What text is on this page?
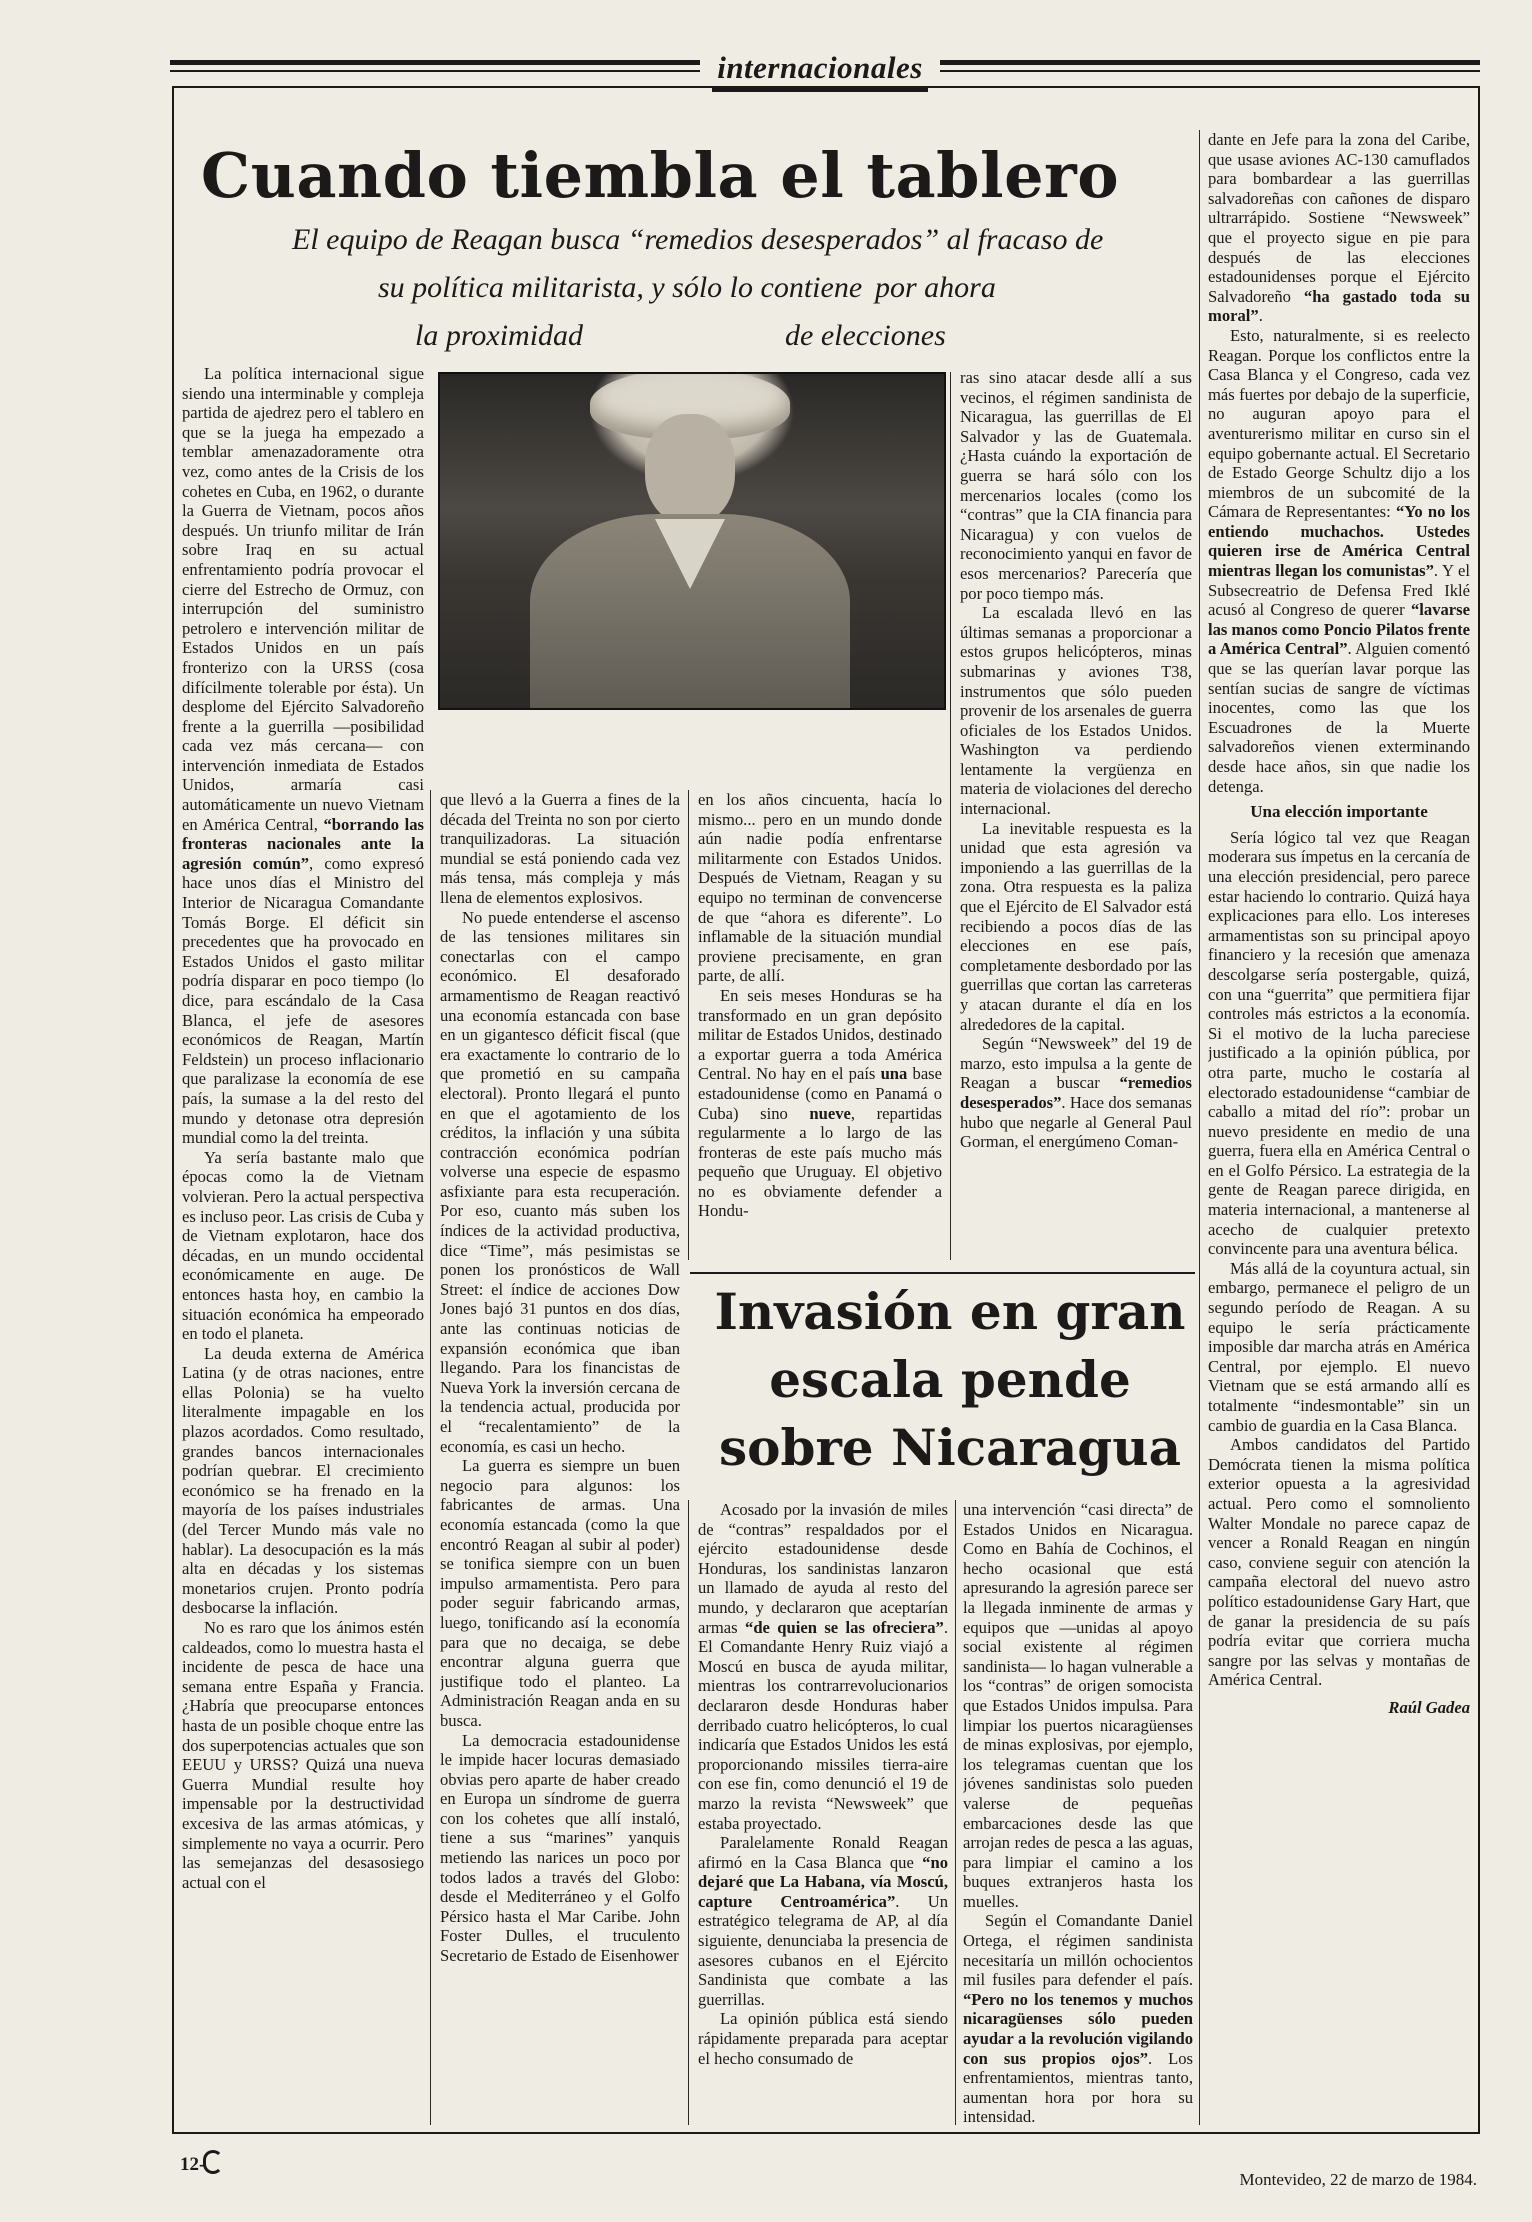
internacionales
Cuando tiembla el tablero
El equipo de Reagan busca “remedios desesperados” al fracaso de
su política militarista, y sólo lo contiene por ahora
la proximidad	de elecciones

La política internacional sigue siendo una interminable y compleja partida de ajedrez pero el tablero en que se la juega ha empezado a temblar amenazadoramente otra vez, como antes de la Crisis de los cohetes en Cuba, en 1962, o durante la Guerra de Vietnam, pocos años después. Un triunfo militar de Irán sobre Iraq en su actual enfrentamiento podría provocar el cierre del Estrecho de Ormuz, con interrupción del suministro petrolero e intervención militar de Estados Unidos en un país fronterizo con la URSS (cosa difícilmente tolerable por ésta). Un desplome del Ejército Salvadoreño frente a la guerrilla —posibilidad cada vez más cercana— con intervención inmediata de Estados Unidos, armaría casi automáticamente un nuevo Vietnam en América Central, “borrando las fronteras nacionales ante la agresión común”, como expresó hace unos días el Ministro del Interior de Nicaragua Comandante Tomás Borge. El déficit sin precedentes que ha provocado en Estados Unidos el gasto militar podría disparar en poco tiempo (lo dice, para escándalo de la Casa Blanca, el jefe de asesores económicos de Reagan, Martín Feldstein) un proceso inflacionario que paralizase la economía de ese país, la sumase a la del resto del mundo y detonase otra depresión mundial como la del treinta.

Ya sería bastante malo que épocas como la de Vietnam volvieran. Pero la actual perspectiva es incluso peor. Las crisis de Cuba y de Vietnam explotaron, hace dos décadas, en un mundo occidental económicamente en auge. De entonces hasta hoy, en cambio la situación económica ha empeorado en todo el planeta.

La deuda externa de América Latina (y de otras naciones, entre ellas Polonia) se ha vuelto literalmente impagable en los plazos acordados. Como resultado, grandes bancos internacionales podrían quebrar. El crecimiento económico se ha frenado en la mayoría de los países industriales (del Tercer Mundo más vale no hablar). La desocupación es la más alta en décadas y los sistemas monetarios crujen. Pronto podría desbocarse la inflación.

No es raro que los ánimos estén caldeados, como lo muestra hasta el incidente de pesca de hace una semana entre España y Francia. ¿Habría que preocuparse entonces hasta de un posible choque entre las dos superpotencias actuales que son EEUU y URSS? Quizá una nueva Guerra Mundial resulte hoy impensable por la destructividad excesiva de las armas atómicas, y simplemente no vaya a ocurrir. Pero las semejanzas del desasosiego actual con el

que llevó a la Guerra a fines de la década del Treinta no son por cierto tranquilizadoras. La situación mundial se está poniendo cada vez más tensa, más compleja y más llena de elementos explosivos.

No puede entenderse el ascenso de las tensiones militares sin conectarlas con el campo económico. El desaforado armamentismo de Reagan reactivó una economía estancada con base en un gigantesco déficit fiscal (que era exactamente lo contrario de lo que prometió en su campaña electoral). Pronto llegará el punto en que el agotamiento de los créditos, la inflación y una súbita contracción económica podrían volverse una especie de espasmo asfixiante para esta recuperación. Por eso, cuanto más suben los índices de la actividad productiva, dice “Time”, más pesimistas se ponen los pronósticos de Wall Street: el índice de acciones Dow Jones bajó 31 puntos en dos días, ante las continuas noticias de expansión económica que iban llegando. Para los financistas de Nueva York la inversión cercana de la tendencia actual, producida por el “recalentamiento” de la economía, es casi un hecho.

La guerra es siempre un buen negocio para algunos: los fabricantes de armas. Una economía estancada (como la que encontró Reagan al subir al poder) se tonifica siempre con un buen impulso armamentista. Pero para poder seguir fabricando armas, luego, tonificando así la economía para que no decaiga, se debe encontrar alguna guerra que justifique todo el planteo. La Administración Reagan anda en su busca.

La democracia estadounidense le impide hacer locuras demasiado obvias pero aparte de haber creado en Europa un síndrome de guerra con los cohetes que allí instaló, tiene a sus “marines” yanquis metiendo las narices un poco por todos lados a través del Globo: desde el Mediterráneo y el Golfo Pérsico hasta el Mar Caribe. John Foster Dulles, el truculento Secretario de Estado de Eisenhower

en los años cincuenta, hacía lo mismo... pero en un mundo donde aún nadie podía enfrentarse militarmente con Estados Unidos. Después de Vietnam, Reagan y su equipo no terminan de convencerse de que “ahora es diferente”. Lo inflamable de la situación mundial proviene precisamente, en gran parte, de allí.

En seis meses Honduras se ha transformado en un gran depósito militar de Estados Unidos, destinado a exportar guerra a toda América Central. No hay en el país una base estadounidense (como en Panamá o Cuba) sino nueve, repartidas regularmente a lo largo de las fronteras de este país mucho más pequeño que Uruguay. El objetivo no es obviamente defender a Hondu-

ras sino atacar desde allí a sus vecinos, el régimen sandinista de Nicaragua, las guerrillas de El Salvador y las de Guatemala. ¿Hasta cuándo la exportación de guerra se hará sólo con los mercenarios locales (como los “contras” que la CIA financia para Nicaragua) y con vuelos de reconocimiento yanqui en favor de esos mercenarios? Parecería que por poco tiempo más.

La escalada llevó en las últimas semanas a proporcionar a estos grupos helicópteros, minas submarinas y aviones T38, instrumentos que sólo pueden provenir de los arsenales de guerra oficiales de los Estados Unidos. Washington va perdiendo lentamente la vergüenza en materia de violaciones del derecho internacional.

La inevitable respuesta es la unidad que esta agresión va imponiendo a las guerrillas de la zona. Otra respuesta es la paliza que el Ejército de El Salvador está recibiendo a pocos días de las elecciones en ese país, completamente desbordado por las guerrillas que cortan las carreteras y atacan durante el día en los alrededores de la capital.

Según “Newsweek” del 19 de marzo, esto impulsa a la gente de Reagan a buscar “remedios desesperados”. Hace dos semanas hubo que negarle al General Paul Gorman, el energúmeno Coman-

dante en Jefe para la zona del Caribe, que usase aviones AC-130 camuflados para bombardear a las guerrillas salvadoreñas con cañones de disparo ultrarrápido. Sostiene “Newsweek” que el proyecto sigue en pie para después de las elecciones estadounidenses porque el Ejército Salvadoreño “ha gastado toda su moral”.

Esto, naturalmente, si es reelecto Reagan. Porque los conflictos entre la Casa Blanca y el Congreso, cada vez más fuertes por debajo de la superficie, no auguran apoyo para el aventurerismo militar en curso sin el equipo gobernante actual. El Secretario de Estado George Schultz dijo a los miembros de un subcomité de la Cámara de Representantes: “Yo no los entiendo muchachos. Ustedes quieren irse de América Central mientras llegan los comunistas”. Y el Subsecreatrio de Defensa Fred Iklé acusó al Congreso de querer “lavarse las manos como Poncio Pilatos frente a América Central”. Alguien comentó que se las querían lavar porque las sentían sucias de sangre de víctimas inocentes, como las que los Escuadrones de la Muerte salvadoreños vienen exterminando desde hace años, sin que nadie los detenga.

Una elección importante

Sería lógico tal vez que Reagan moderara sus ímpetus en la cercanía de una elección presidencial, pero parece estar haciendo lo contrario. Quizá haya explicaciones para ello. Los intereses armamentistas son su principal apoyo financiero y la recesión que amenaza descolgarse sería postergable, quizá, con una “guerrita” que permitiera fijar controles más estrictos a la economía. Si el motivo de la lucha pareciese justificado a la opinión pública, por otra parte, mucho le costaría al electorado estadounidense “cambiar de caballo a mitad del río”: probar un nuevo presidente en medio de una guerra, fuera ella en América Central o en el Golfo Pérsico. La estrategia de la gente de Reagan parece dirigida, en materia internacional, a mantenerse al acecho de cualquier pretexto convincente para una aventura bélica.

Más allá de la coyuntura actual, sin embargo, permanece el peligro de un segundo período de Reagan. A su equipo le sería prácticamente imposible dar marcha atrás en América Central, por ejemplo. El nuevo Vietnam que se está armando allí es totalmente “indesmontable” sin un cambio de guardia en la Casa Blanca.

Ambos candidatos del Partido Demócrata tienen la misma política exterior opuesta a la agresividad actual. Pero como el somnoliento Walter Mondale no parece capaz de vencer a Ronald Reagan en ningún caso, conviene seguir con atención la campaña electoral del nuevo astro político estadounidense Gary Hart, que de ganar la presidencia de su país podría evitar que corriera mucha sangre por las selvas y montañas de América Central.

Raúl Gadea

Invasión en gran escala pende sobre Nicaragua

Acosado por la invasión de miles de “contras” respaldados por el ejército estadounidense desde Honduras, los sandinistas lanzaron un llamado de ayuda al resto del mundo, y declararon que aceptarían armas “de quien se las ofreciera”. El Comandante Henry Ruiz viajó a Moscú en busca de ayuda militar, mientras los contrarrevolucionarios declararon desde Honduras haber derribado cuatro helicópteros, lo cual indicaría que Estados Unidos les está proporcionando missiles tierra-aire con ese fin, como denunció el 19 de marzo la revista “Newsweek” que estaba proyectado.

Paralelamente Ronald Reagan afirmó en la Casa Blanca que “no dejaré que La Habana, vía Moscú, capture Centroamérica”. Un estratégico telegrama de AP, al día siguiente, denunciaba la presencia de asesores cubanos en el Ejército Sandinista que combate a las guerrillas.

La opinión pública está siendo rápidamente preparada para aceptar el hecho consumado de

una intervención “casi directa” de Estados Unidos en Nicaragua. Como en Bahía de Cochinos, el hecho ocasional que está apresurando la agresión parece ser la llegada inminente de armas y equipos que —unidas al apoyo social existente al régimen sandinista— lo hagan vulnerable a los “contras” de origen somocista que Estados Unidos impulsa. Para limpiar los puertos nicaragüenses de minas explosivas, por ejemplo, los telegramas cuentan que los jóvenes sandinistas solo pueden valerse de pequeñas embarcaciones desde las que arrojan redes de pesca a las aguas, para limpiar el camino a los buques extranjeros hasta los muelles.

Según el Comandante Daniel Ortega, el régimen sandinista necesitaría un millón ochocientos mil fusiles para defender el país. “Pero no los tenemos y muchos nicaragüenses sólo pueden ayudar a la revolución vigilando con sus propios ojos”. Los enfrentamientos, mientras tanto, aumentan hora por hora su intensidad.

12-
Montevideo, 22 de marzo de 1984.
